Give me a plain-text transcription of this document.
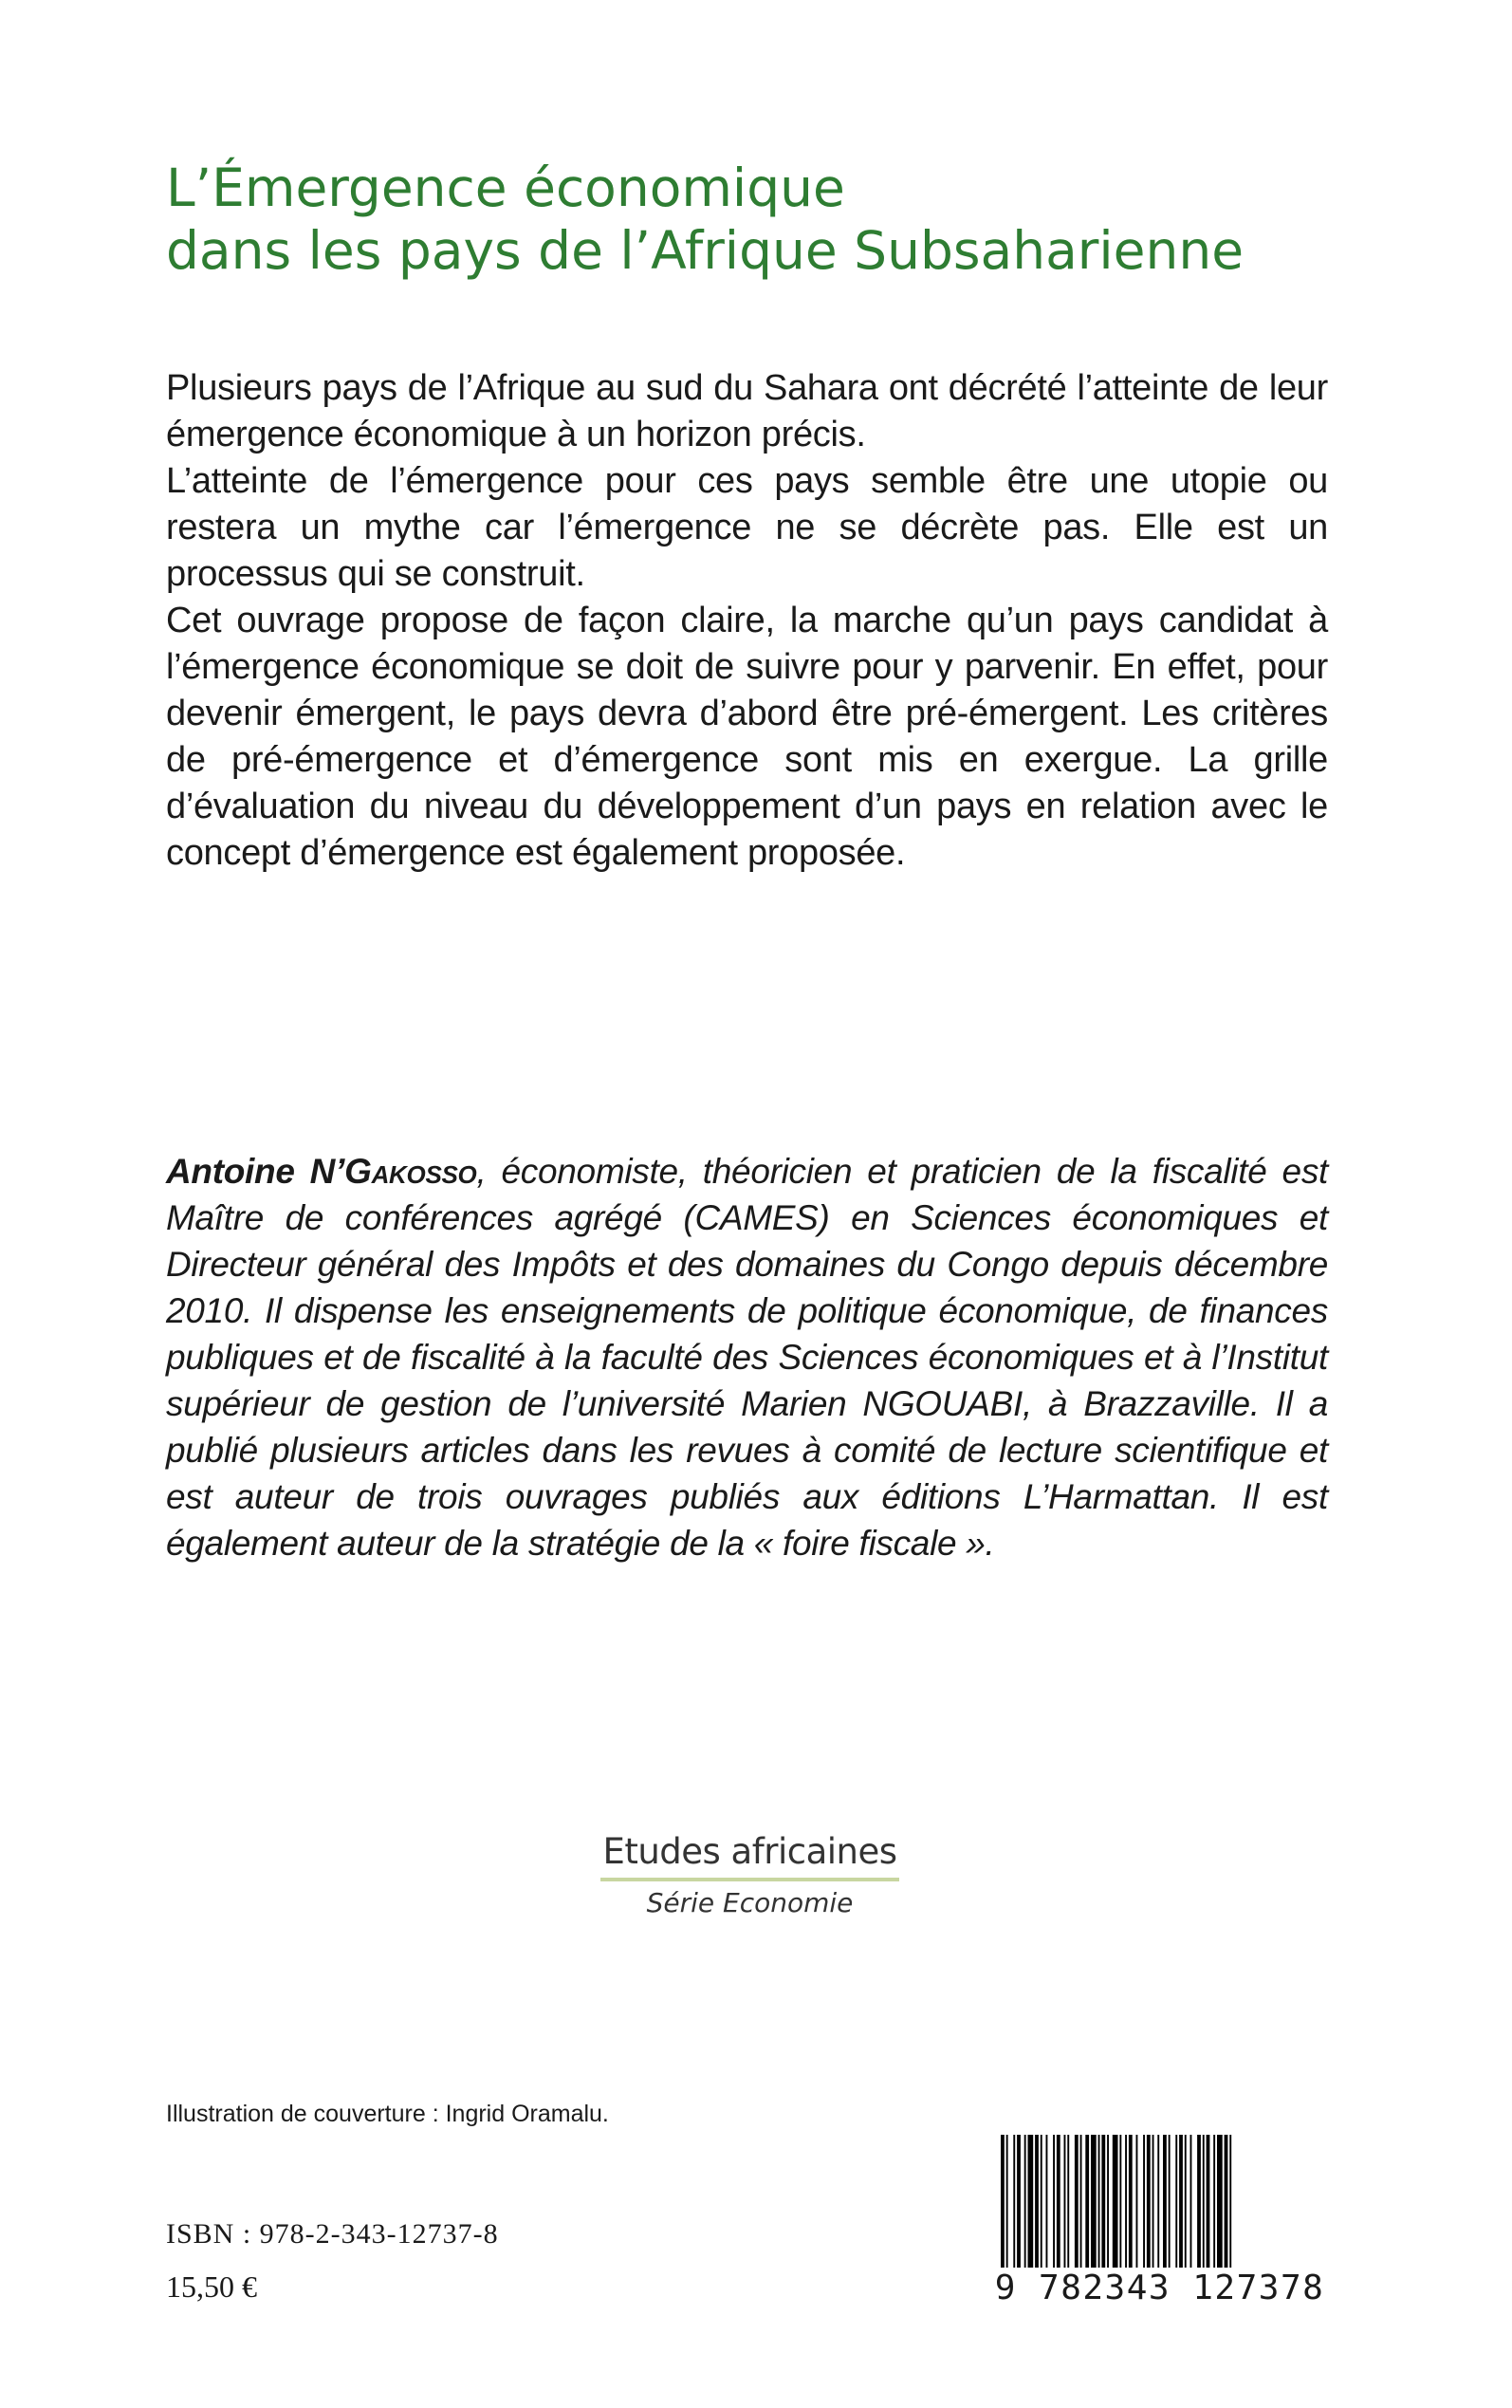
L’Émergence économique
dans les pays de l’Afrique Subsaharienne

Plusieurs pays de l’Afrique au sud du Sahara ont décrété l’atteinte de leur émergence économique à un horizon précis.

L’atteinte de l’émergence pour ces pays semble être une utopie ou restera un mythe car l’émergence ne se décrète pas. Elle est un processus qui se construit.

Cet ouvrage propose de façon claire, la marche qu’un pays candidat à l’émergence économique se doit de suivre pour y parvenir. En effet, pour devenir émergent, le pays devra d’abord être pré-émergent. Les critères de pré-émergence et d’émergence sont mis en exergue. La grille d’évaluation du niveau du développement d’un pays en relation avec le concept d’émergence est également proposée.

Antoine N’Gakosso, économiste, théoricien et praticien de la fiscalité est Maître de conférences agrégé (CAMES) en Sciences économiques et Directeur général des Impôts et des domaines du Congo depuis décembre 2010. Il dispense les enseignements de politique économique, de finances publiques et de fiscalité à la faculté des Sciences économiques et à l’Institut supérieur de gestion de l’université Marien NGOUABI, à Brazzaville. Il a publié plusieurs articles dans les revues à comité de lecture scientifique et est auteur de trois ouvrages publiés aux éditions L’Harmattan. Il est également auteur de la stratégie de la « foire fiscale ».

Etudes africaines
Série Economie
Illustration de couverture : Ingrid Oramalu.
ISBN : 978-2-343-12737-8
15,50 €	9 782343 127378
